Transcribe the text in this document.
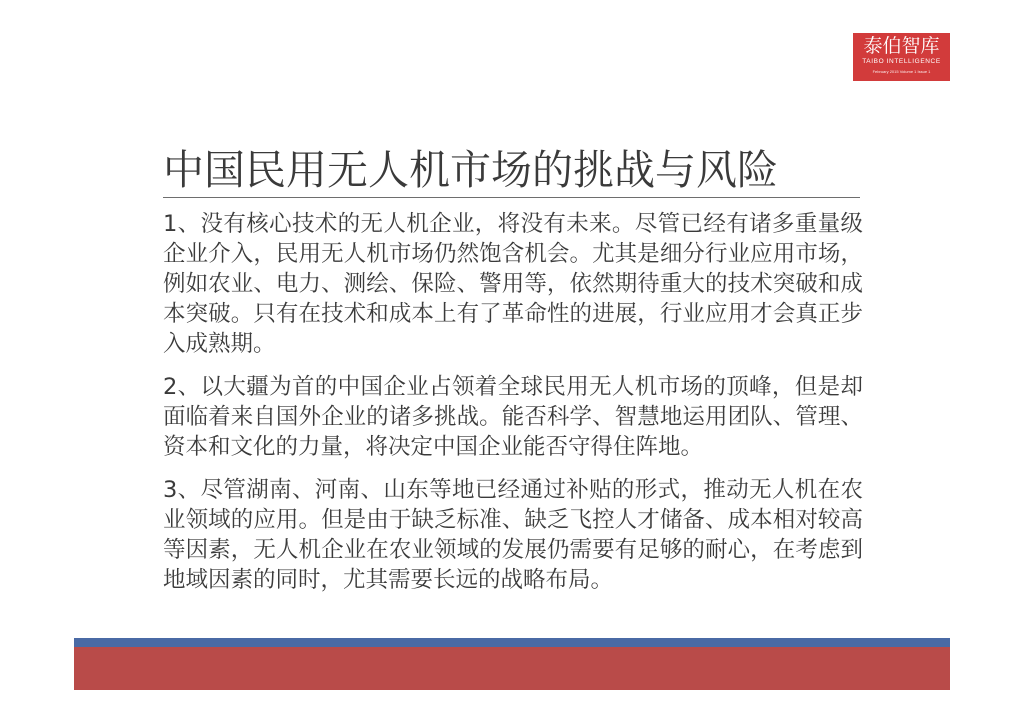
泰伯智库
TAIBO INTELLIGENCE
February 2015 Volume 1 Issue 1
中国民用无人机市场的挑战与风险

1、没有核心技术的无人机企业，将没有未来。尽管已经有诸多重量级企业介入，民用无人机市场仍然饱含机会。尤其是细分行业应用市场，例如农业、电力、测绘、保险、警用等，依然期待重大的技术突破和成本突破。只有在技术和成本上有了革命性的进展，行业应用才会真正步入成熟期。

2、以大疆为首的中国企业占领着全球民用无人机市场的顶峰，但是却面临着来自国外企业的诸多挑战。能否科学、智慧地运用团队、管理、资本和文化的力量，将决定中国企业能否守得住阵地。

3、尽管湖南、河南、山东等地已经通过补贴的形式，推动无人机在农业领域的应用。但是由于缺乏标准、缺乏飞控人才储备、成本相对较高等因素，无人机企业在农业领域的发展仍需要有足够的耐心，在考虑到地域因素的同时，尤其需要长远的战略布局。
